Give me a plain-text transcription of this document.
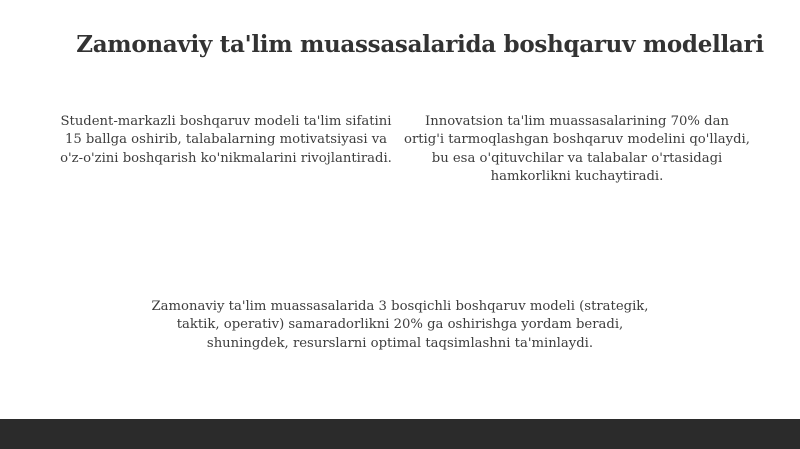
Zamonaviy ta'lim muassasalarida boshqaruv modellari
Student-markazli boshqaruv modeli ta'lim sifatini 15 ballga oshirib, talabalarning motivatsiyasi va o'z-o'zini boshqarish ko'nikmalarini rivojlantiradi.
Innovatsion ta'lim muassasalarining 70% dan ortig'i tarmoqlashgan boshqaruv modelini qo'llaydi, bu esa o'qituvchilar va talabalar o'rtasidagi hamkorlikni kuchaytiradi.
Zamonaviy ta'lim muassasalarida 3 bosqichli boshqaruv modeli (strategik, taktik, operativ) samaradorlikni 20% ga oshirishga yordam beradi, shuningdek, resurslarni optimal taqsimlashni ta'minlaydi.
